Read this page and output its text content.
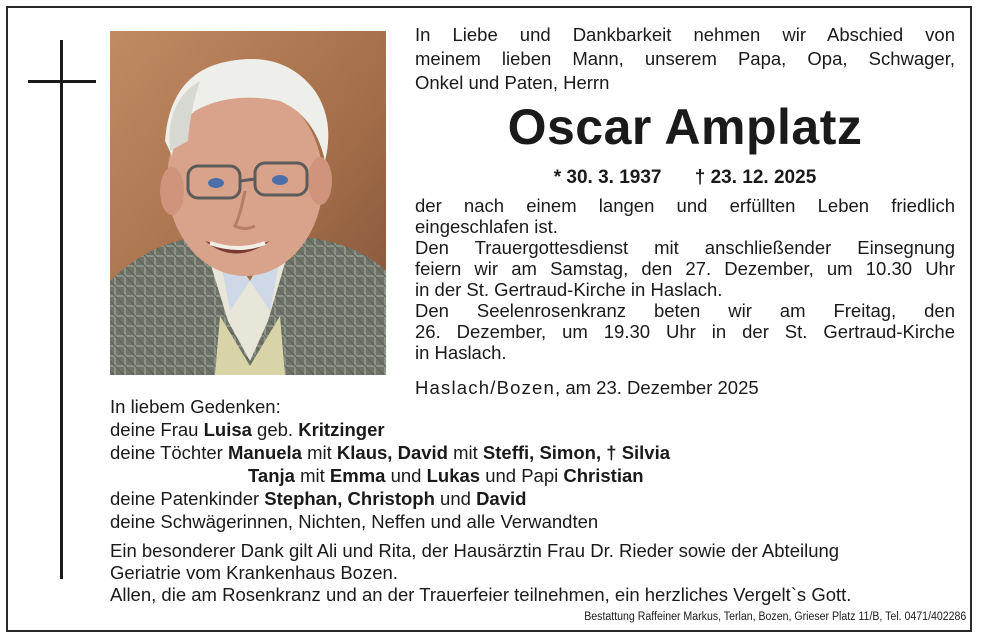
In Liebe und Dankbarkeit nehmen wir Abschied von
meinem lieben Mann, unserem Papa, Opa, Schwager,
Onkel und Paten, Herrn
Oscar Amplatz
* 30. 3. 1937 † 23. 12. 2025
der nach einem langen und erfüllten Leben friedlich
eingeschlafen ist.
Den Trauergottesdienst mit anschließender Einsegnung
feiern wir am Samstag, den 27. Dezember, um 10.30 Uhr
in der St. Gertraud-Kirche in Haslach.
Den Seelenrosenkranz beten wir am Freitag, den
26. Dezember, um 19.30 Uhr in der St. Gertraud-Kirche
in Haslach.
Haslach/Bozen, am 23. Dezember 2025
In liebem Gedenken:
deine Frau Luisa geb. Kritzinger
deine Töchter Manuela mit Klaus, David mit Steffi, Simon, † Silvia
Tanja mit Emma und Lukas und Papi Christian
deine Patenkinder Stephan, Christoph und David
deine Schwägerinnen, Nichten, Neffen und alle Verwandten
Ein besonderer Dank gilt Ali und Rita, der Hausärztin Frau Dr. Rieder sowie der Abteilung
Geriatrie vom Krankenhaus Bozen.
Allen, die am Rosenkranz und an der Trauerfeier teilnehmen, ein herzliches Vergelt`s Gott.
Bestattung Raffeiner Markus, Terlan, Bozen, Grieser Platz 11/B, Tel. 0471/402286
